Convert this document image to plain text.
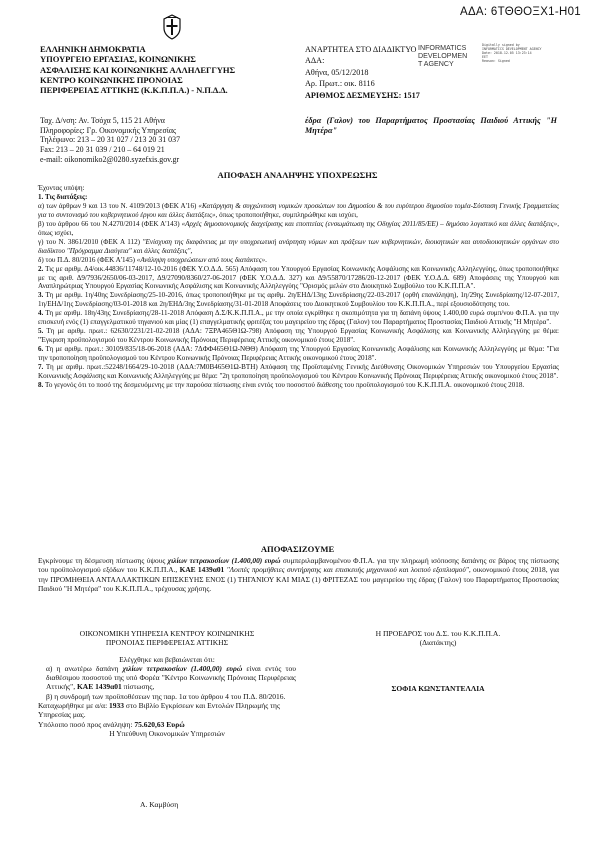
ΑΔΑ: 6ΤΘΘΟΞΧ1-Η01
ΕΛΛΗΝΙΚΗ ΔΗΜΟΚΡΑΤΙΑ
ΥΠΟΥΡΓΕΙΟ ΕΡΓΑΣΙΑΣ, ΚΟΙΝΩΝΙΚΗΣ
ΑΣΦΑΛΙΣΗΣ ΚΑΙ ΚΟΙΝΩΝΙΚΗΣ ΑΛΛΗΛΕΓΓΥΗΣ
ΚΕΝΤΡΟ ΚΟΙΝΩΝΙΚΗΣ ΠΡΟΝΟΙΑΣ
ΠΕΡΙΦΕΡΕΙΑΣ ΑΤΤΙΚΗΣ (Κ.Κ.Π.Π.Α.) - Ν.Π.Δ.Δ.
Ταχ. Δ/νση: Αν. Τσόχα 5, 115 21 Αθήνα
Πληροφορίες: Γρ. Οικονομικής Υπηρεσίας
Τηλέφωνο: 213 – 20 31 027 / 213 20 31 037
Fax: 213 – 20 31 039 / 210 – 64 019 21
e-mail: oikonomiko2@0280.syzefxis.gov.gr
ΑΝΑΡΤΗΤΕΑ ΣΤΟ ΔΙΑΔΙΚΤΥΟ
ΑΔΑ:
Αθήνα, 05/12/2018
Αρ. Πρωτ.: οικ. 8116
ΑΡΙΘΜΟΣ ΔΕΣΜΕΥΣΗΣ: 1517
INFORMATICS
DEVELOPMEN
T AGENCY
Digitally signed by
INFORMATICS DEVELOPMENT AGENCY
Date: 2018.12.05 13:23:14
EET
Reason: Signed
έδρα (Γαλον) του Παραρτήματος Προστασίας Παιδιού Αττικής "Η Μητέρα"
ΑΠΟΦΑΣΗ ΑΝΑΛΗΨΗΣ ΥΠΟΧΡΕΩΣΗΣ

Έχοντας υπόψη:

1. Τις διατάξεις:

α) των άρθρων 9 και 13 του Ν. 4109/2013 (ΦΕΚ Α'16) «Κατάργηση & συγχώνευση νομικών προσώπων του Δημοσίου & του ευρύτερου δημοσίου τομέα-Σύσταση Γενικής Γραμματείας για το συντονισμό του κυβερνητικού έργου και άλλες διατάξεις», όπως τροποποιήθηκε, συμπληρώθηκε και ισχύει,

β) του άρθρου 66 του Ν.4270/2014 (ΦΕΚ Α'143) «Αρχές δημοσιονομικής διαχείρισης και εποπτείας (ενσωμάτωση της Οδηγίας 2011/85/ΕΕ) – δημόσιο λογιστικό και άλλες διατάξεις», όπως ισχύει,

γ) του Ν. 3861/2010 (ΦΕΚ Α 112) "Ενίσχυση της διαφάνειας με την υποχρεωτική ανάρτηση νόμων και πράξεων των κυβερνητικών, διοικητικών και αυτοδιοικητικών οργάνων στο διαδίκτυο "Πρόγραμμα Διαύγεια" και άλλες διατάξεις",

δ) του Π.Δ. 80/2016 (ΦΕΚ Α'145) «Ανάληψη υποχρεώσεων από τους διατάκτες».

2. Τις με αριθμ. Δ4/οικ.44836/11748/12-10-2016 (ΦΕΚ Υ.Ο.Δ.Δ. 565) Απόφαση του Υπουργού Εργασίας Κοινωνικής Ασφάλισης και Κοινωνικής Αλληλεγγύης, όπως τροποποιήθηκε με τις αριθ. Δ9/7936/2650/06-03-2017, Δ9/27090/8360/27-06-2017 (ΦΕΚ Υ.Ο.Δ.Δ. 327) και Δ9/55870/17286/20-12-2017 (ΦΕΚ Υ.Ο.Δ.Δ. 689) Αποφάσεις της Υπουργού και Αναπληρώτριας Υπουργού Εργασίας Κοινωνικής Ασφάλισης και Κοινωνικής Αλληλεγγύης "Ορισμός μελών στο Διοικητικό Συμβούλιο του Κ.Κ.Π.Π.Α".

3. Τη με αριθμ. 1η/40ης Συνεδρίασης/25-10-2016, όπως τροποποιήθηκε με τις αριθμ. 2η/ΕΗΔ/13ης Συνεδρίασης/22-03-2017 (ορθή επανάληψη), 1η/29ης Συνεδρίασης/12-07-2017, 1η/ΕΗΔ/1ης Συνεδρίασης/03-01-2018 και 2η/ΕΗΔ/3ης Συνεδρίασης/31-01-2018 Αποφάσεις του Διοικητικού Συμβουλίου του Κ.Κ.Π.Π.Α., περί εξουσιοδότησης του.

4. Τη με αριθμ. 18η/43ης Συνεδρίασης/28-11-2018 Απόφαση Δ.Σ/Κ.Κ.Π.Π.Α., με την οποία εγκρίθηκε η σκοπιμότητα για τη δαπάνη ύψους 1.400,00 ευρώ συμπ/νου Φ.Π.Α. για την επισκευή ενός (1) επαγγελματικού τηγανιού και μίας (1) επαγγελματικής φριτέζας του μαγειρείου της έδρας (Γαλον) του Παραρτήματος Προστασίας Παιδιού Αττικής "Η Μητέρα".

5. Τη με αριθμ. πρωτ.: 62630/2231/21-02-2018 (ΑΔΑ: 7ΞΡΑ465Θ1Ω-798) Απόφαση της Υπουργού Εργασίας Κοινωνικής Ασφάλισης και Κοινωνικής Αλληλεγγύης με θέμα: "Έγκριση προϋπολογισμού του Κέντρου Κοινωνικής Πρόνοιας Περιφέρειας Αττικής οικονομικού έτους 2018".

6. Τη με αριθμ. πρωτ.: 30109/835/18-06-2018 (ΑΔΑ: 7ΔΦΦ465Θ1Ω-ΝΘΘ) Απόφαση της Υπουργού Εργασίας Κοινωνικής Ασφάλισης και Κοινωνικής Αλληλεγγύης με θέμα: "Για την τροποποίηση προϋπολογισμού του Κέντρου Κοινωνικής Πρόνοιας Περιφέρειας Αττικής οικονομικού έτους 2018".

7. Τη με αριθμ. πρωτ.:52248/1664/29-10-2018 (ΑΔΑ:7Μ0Β465Θ1Ω-ΒΤΗ) Απόφαση της Προϊσταμένης Γενικής Διεύθυνσης Οικονομικών Υπηρεσιών του Υπουργείου Εργασίας Κοινωνικής Ασφάλισης και Κοινωνικής Αλληλεγγύης με θέμα: "2η τροποποίηση προϋπολογισμού του Κέντρου Κοινωνικής Πρόνοιας Περιφέρειας Αττικής οικονομικού έτους 2018".

8. Το γεγονός ότι το ποσό της δεσμευόμενης με την παρούσα πίστωσης είναι εντός του ποσοστού διάθεσης του προϋπολογισμού του Κ.Κ.Π.Π.Α. οικονομικού έτους 2018.

ΑΠΟΦΑΣΙΖΟΥΜΕ

Εγκρίνουμε τη δέσμευση πίστωσης ύψους χιλίων τετρακοσίων (1.400,00) ευρώ συμπεριλαμβανομένου Φ.Π.Α. για την πληρωμή ισόποσης δαπάνης σε βάρος της πίστωσης του προϋπολογισμού εξόδων του Κ.Κ.Π.Π.Α., ΚΑΕ 1439α01 "Λοιπές προμήθειες συντήρησης και επισκευής μηχανικού και λοιπού εξοπλισμού", οικονομικού έτους 2018, για την ΠΡΟΜΗΘΕΙΑ ΑΝΤΑΛΛΑΚΤΙΚΩΝ ΕΠΙΣΚΕΥΗΣ ΕΝΟΣ (1) ΤΗΓΑΝΙΟΥ ΚΑΙ ΜΙΑΣ (1) ΦΡΙΤΕΖΑΣ του μαγειρείου της έδρας (Γαλον) του Παραρτήματος Προστασίας Παιδιού "Η Μητέρα" του Κ.Κ.Π.Π.Α., τρέχουσας χρήσης.

ΟΙΚΟΝΟΜΙΚΗ ΥΠΗΡΕΣΙΑ ΚΕΝΤΡΟΥ ΚΟΙΝΩΝΙΚΗΣ
ΠΡΟΝΟΙΑΣ ΠΕΡΙΦΕΡΕΙΑΣ ΑΤΤΙΚΗΣ

Ελέγχθηκε και βεβαιώνεται ότι:

α) η ανωτέρω δαπάνη χιλίων τετρακοσίων (1.400,00) ευρώ είναι εντός του διαθέσιμου ποσοστού της υπό Φορέα "Κέντρο Κοινωνικής Πρόνοιας Περιφέρειας Αττικής", ΚΑΕ 1439α01 πίστωσης,

β) η συνδρομή των προϋποθέσεων της παρ. 1α του άρθρου 4 του Π.Δ. 80/2016.

Καταχωρήθηκε με α/α: 1933 στο Βιβλίο Εγκρίσεων και Εντολών Πληρωμής της Υπηρεσίας μας.

Υπόλοιπο ποσό προς ανάληψη: 75.620,63 Ευρώ

Η Υπεύθυνη Οικονομικών Υπηρεσιών

Α. Καμβύση
Η ΠΡΟΕΔΡΟΣ του Δ.Σ. του Κ.Κ.Π.Π.Α.
(Διατάκτης)
ΣΟΦΙΑ ΚΩΝΣΤΑΝΤΕΛΛΙΑ
